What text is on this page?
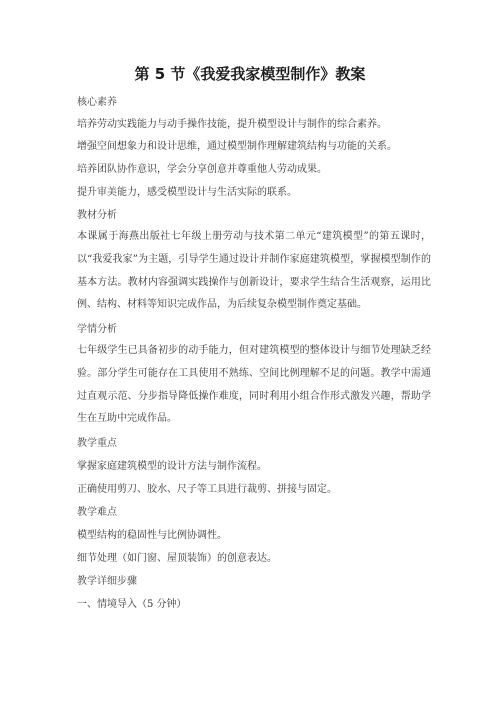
第 5 节《我爱我家模型制作》教案
核心素养
培养劳动实践能力与动手操作技能，提升模型设计与制作的综合素养。
增强空间想象力和设计思维，通过模型制作理解建筑结构与功能的关系。
培养团队协作意识，学会分享创意并尊重他人劳动成果。
提升审美能力，感受模型设计与生活实际的联系。
教材分析
本课属于海燕出版社七年级上册劳动与技术第二单元“建筑模型”的第五课时，以“我爱我家”为主题，引导学生通过设计并制作家庭建筑模型，掌握模型制作的基本方法。教材内容强调实践操作与创新设计，要求学生结合生活观察，运用比例、结构、材料等知识完成作品，为后续复杂模型制作奠定基础。
学情分析
七年级学生已具备初步的动手能力，但对建筑模型的整体设计与细节处理缺乏经验。部分学生可能存在工具使用不熟练、空间比例理解不足的问题。教学中需通过直观示范、分步指导降低操作难度，同时利用小组合作形式激发兴趣，帮助学生在互助中完成作品。
教学重点
掌握家庭建筑模型的设计方法与制作流程。
正确使用剪刀、胶水、尺子等工具进行裁剪、拼接与固定。
教学难点
模型结构的稳固性与比例协调性。
细节处理（如门窗、屋顶装饰）的创意表达。
教学详细步骤
一、情境导入（5 分钟）
